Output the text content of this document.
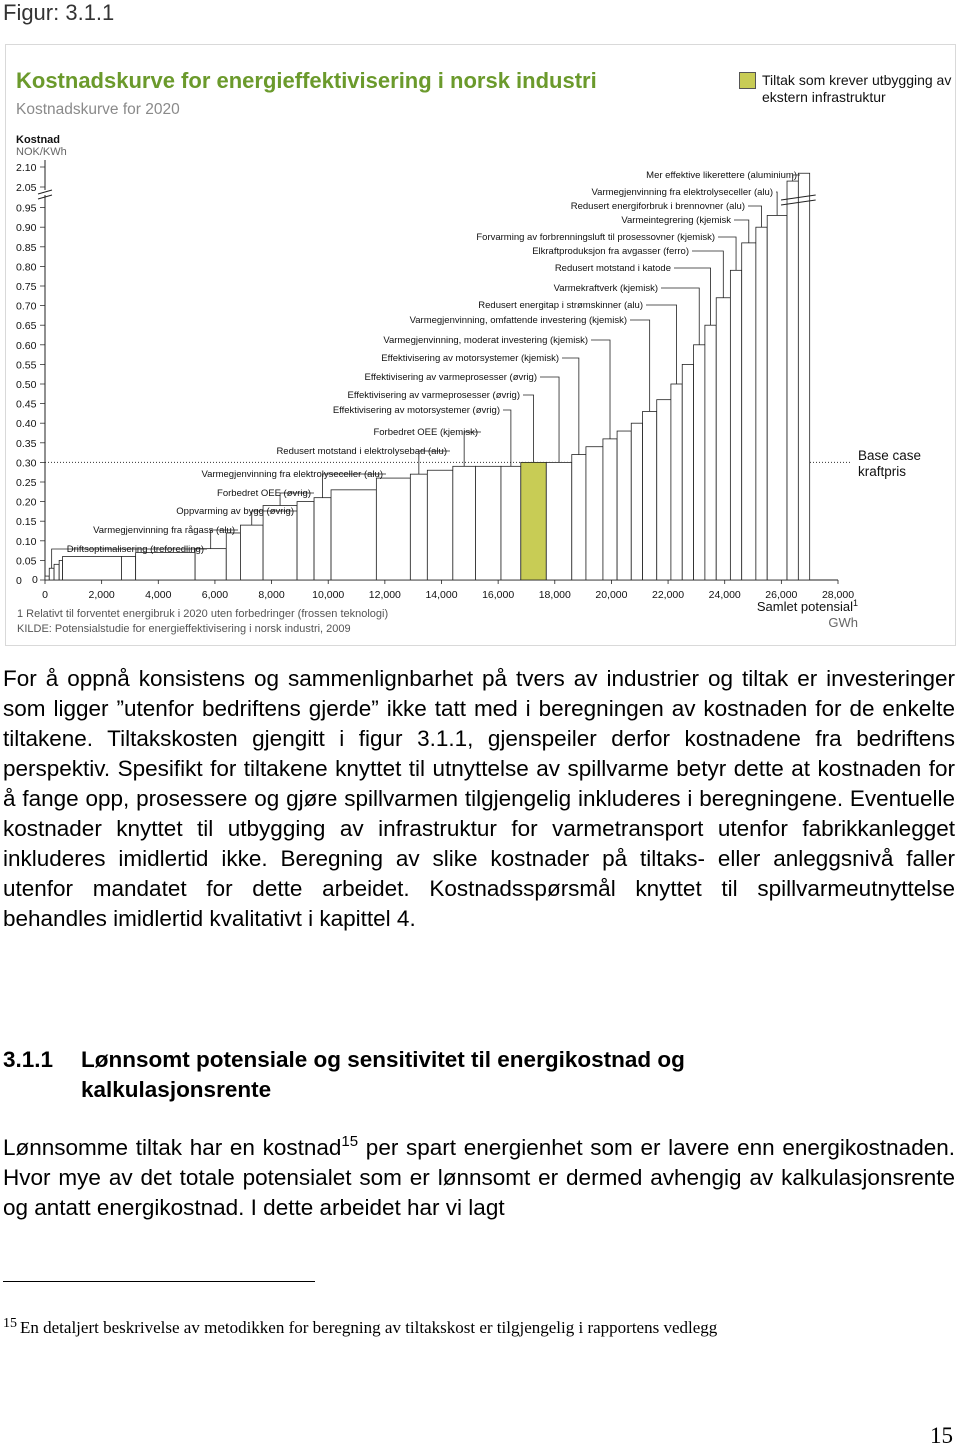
Figur: 3.1.1
Kostnadskurve for energieffektivisering i norsk industri
Kostnadskurve for 2020
Tiltak som krever utbygging av ekstern infrastruktur
Kostnad
NOK/KWh
0
0.05
0.10
0.15
0.20
0.25
0.30
0.35
0.40
0.45
0.50
0.55
0.60
0.65
0.70
0.75
0.80
0.85
0.90
0.95
2.05
2.10
Base case
kraftpris
Mer effektive likerettere (aluminium)
Varmegjenvinning fra elektrolyseceller (alu)
Redusert energiforbruk i brennovner (alu)
Varmeintegrering (kjemisk
Forvarming av forbrenningsluft til prosessovner (kjemisk)
Elkraftproduksjon fra avgasser (ferro)
Redusert motstand i katode
Varmekraftverk (kjemisk)
Redusert energitap i strømskinner (alu)
Varmegjenvinning, omfattende investering (kjemisk)
Varmegjenvinning, moderat investering (kjemisk)
Effektivisering av motorsystemer (kjemisk)
Effektivisering av varmeprosesser (øvrig)
Effektivisering av varmeprosesser (øvrig)
Effektivisering av motorsystemer (øvrig)
Forbedret OEE (kjemisk)
Redusert motstand i elektrolysebad (alu)
Varmegjenvinning fra elektrolyseceller (alu)
Forbedret OEE (øvrig)
Oppvarming av bygg (øvrig)
Varmegjenvinning fra rågass (alu)
Driftsoptimalisering (treforedling)
0	2,000	4,000	6,000	8,000	10,000 12,000 14,000 16,000 18,000 20,000 22,000 24,000 26,000 28,000
0
Samlet potensial$^1$
GWh
1 Relativt til forventet energibruk i 2020 uten forbedringer (frossen teknologi)
KILDE: Potensialstudie for energieffektivisering i norsk industri, 2009

For å oppnå konsistens og sammenlignbarhet på tvers av industrier og tiltak er investeringer som ligger ”utenfor bedriftens gjerde” ikke tatt med i beregningen av kostnaden for de enkelte tiltakene. Tiltakskosten gjengitt i figur 3.1.1, gjenspeiler derfor kostnadene fra bedriftens perspektiv. Spesifikt for tiltakene knyttet til utnyttelse av spillvarme betyr dette at kostnaden for å fange opp, prosessere og gjøre spillvarmen tilgjengelig inkluderes i beregningene. Eventuelle kostnader knyttet til utbygging av infrastruktur for varmetransport utenfor fabrikkanlegget inkluderes imidlertid ikke. Beregning av slike kostnader på tiltaks- eller anleggsnivå faller utenfor mandatet for dette arbeidet. Kostnadsspørsmål knyttet til spillvarmeutnyttelse behandles imidlertid kvalitativt i kapittel 4.

3.1.1 Lønnsomt potensiale og sensitivitet til energikostnad og kalkulasjonsrente

Lønnsomme tiltak har en kostnad$^{15}$ per spart energienhet som er lavere enn energikostnaden. Hvor mye av det totale potensialet som er lønnsomt er dermed avhengig av kalkulasjonsrente og antatt energikostnad. I dette arbeidet har vi lagt

$^{15}$ En detaljert beskrivelse av metodikken for beregning av tiltakskost er tilgjengelig i rapportens vedlegg
15
